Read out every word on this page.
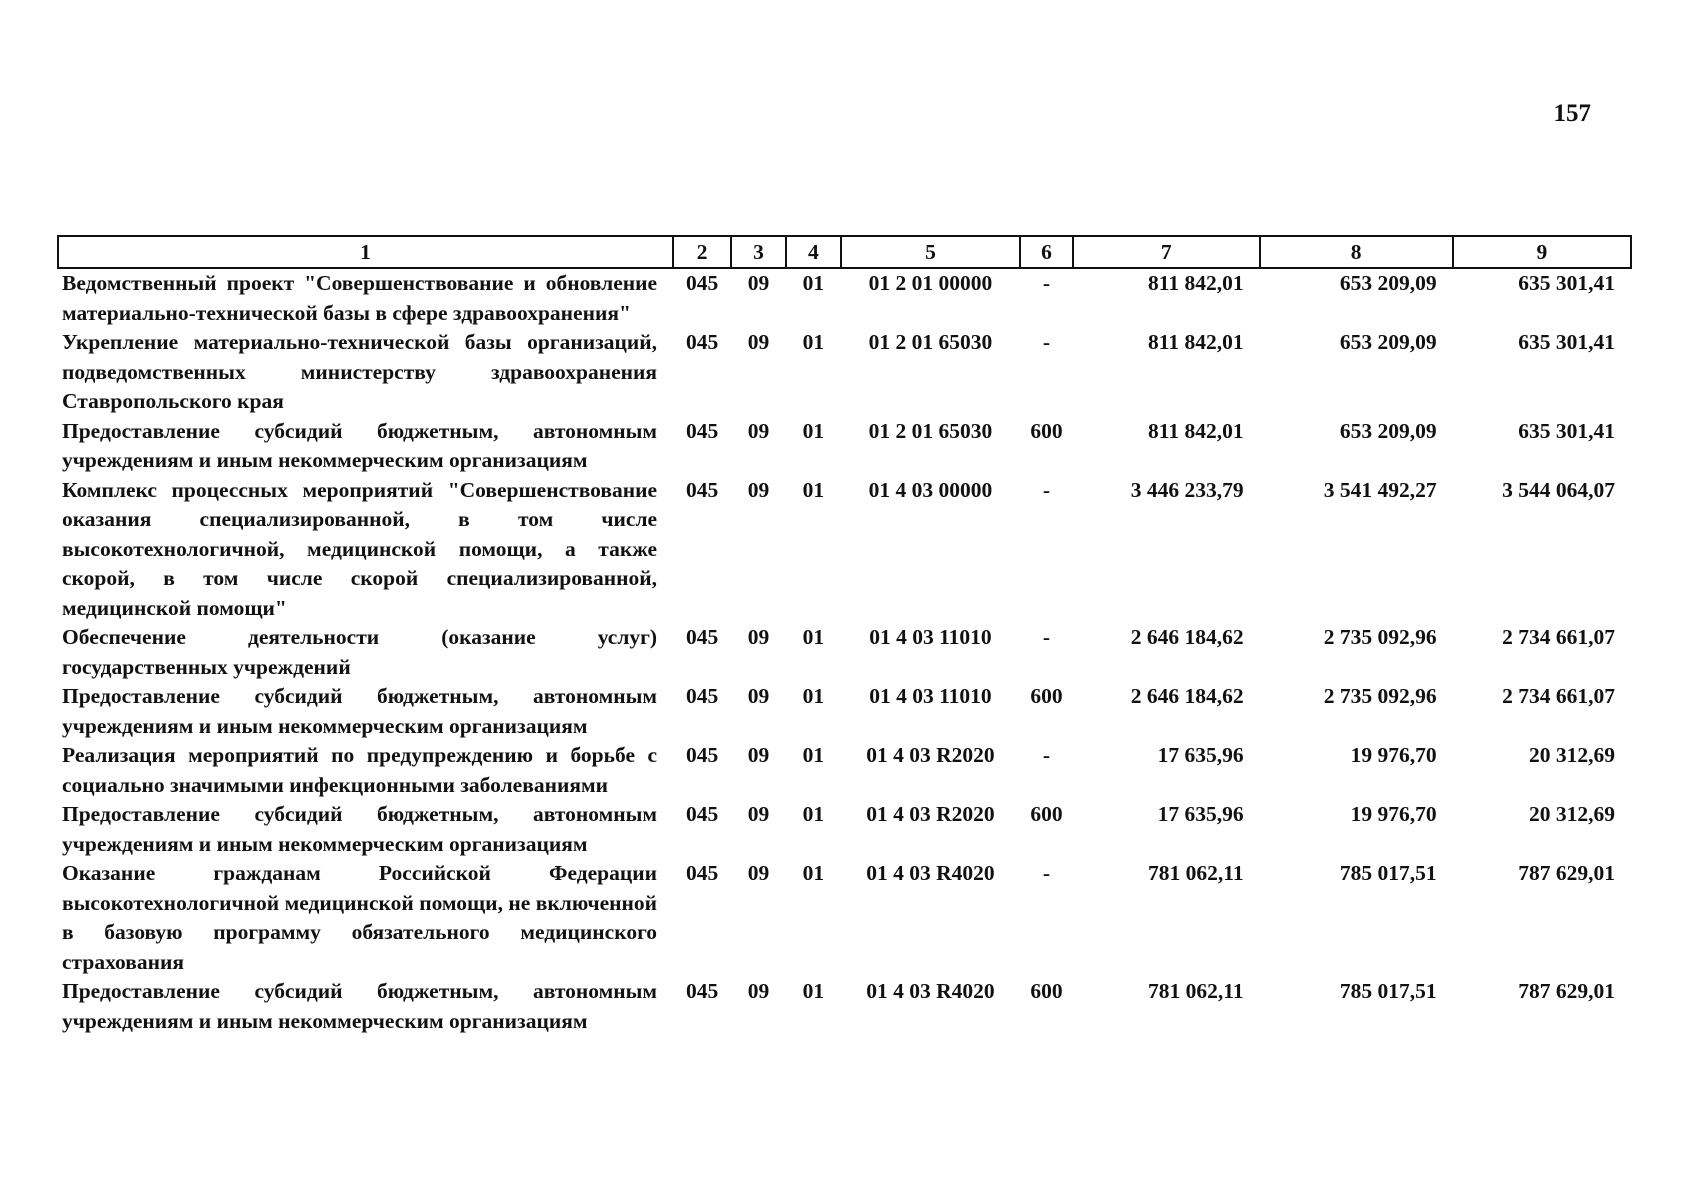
157
1	2	3	4	5	6	7	8	9
Ведомственный проект "Совершенствование и обновление материально-технической базы в сфере здравоохранения"	045	09	01	01 2 01 00000	-	811 842,01	653 209,09	635 301,41
Укрепление материально-технической базы организаций, подведомственных министерству здравоохранения Ставропольского края	045	09	01	01 2 01 65030	-	811 842,01	653 209,09	635 301,41
Предоставление субсидий бюджетным, автономным учреждениям и иным некоммерческим организациям	045	09	01	01 2 01 65030	600	811 842,01	653 209,09	635 301,41
Комплекс процессных мероприятий "Совершенствование оказания специализированной, в том числе высокотехнологичной, медицинской помощи, а также скорой, в том числе скорой специализированной, медицинской помощи"	045	09	01	01 4 03 00000	-	3 446 233,79	3 541 492,27	3 544 064,07
Обеспечение деятельности (оказание услуг) государственных учреждений	045	09	01	01 4 03 11010	-	2 646 184,62	2 735 092,96	2 734 661,07
Предоставление субсидий бюджетным, автономным учреждениям и иным некоммерческим организациям	045	09	01	01 4 03 11010	600	2 646 184,62	2 735 092,96	2 734 661,07
Реализация мероприятий по предупреждению и борьбе с социально значимыми инфекционными заболеваниями	045	09	01	01 4 03 R2020	-	17 635,96	19 976,70	20 312,69
Предоставление субсидий бюджетным, автономным учреждениям и иным некоммерческим организациям	045	09	01	01 4 03 R2020	600	17 635,96	19 976,70	20 312,69
Оказание гражданам Российской Федерации высокотехнологичной медицинской помощи, не включенной в базовую программу обязательного медицинского страхования	045	09	01	01 4 03 R4020	-	781 062,11	785 017,51	787 629,01
Предоставление субсидий бюджетным, автономным учреждениям и иным некоммерческим организациям	045	09	01	01 4 03 R4020	600	781 062,11	785 017,51	787 629,01
